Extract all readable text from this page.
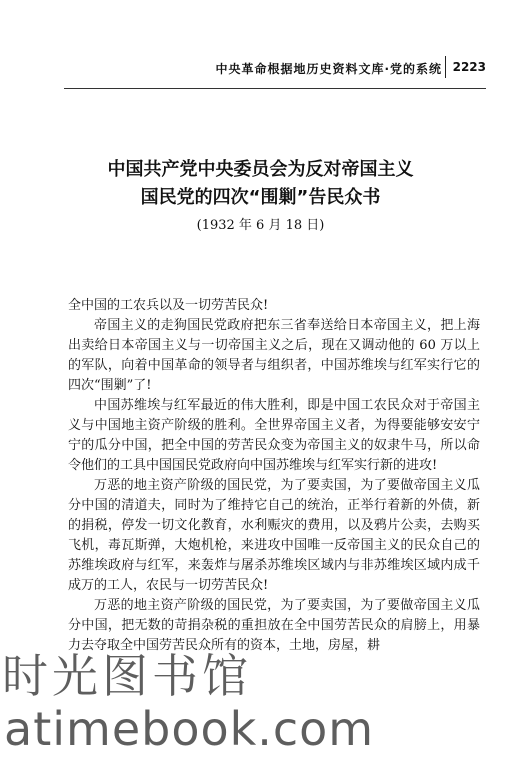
中央革命根据地历史资料文库·党的系统 2223
中国共产党中央委员会为反对帝国主义
国民党的四次“围剿”告民众书
(1932 年 6 月 18 日)

全中国的工农兵以及一切劳苦民众!

帝国主义的走狗国民党政府把东三省奉送给日本帝国主义，把上海出卖给日本帝国主义与一切帝国主义之后，现在又调动他的 60 万以上的军队，向着中国革命的领导者与组织者，中国苏维埃与红军实行它的四次“围剿”了!

中国苏维埃与红军最近的伟大胜利，即是中国工农民众对于帝国主义与中国地主资产阶级的胜利。全世界帝国主义者，为得要能够安安宁宁的瓜分中国，把全中国的劳苦民众变为帝国主义的奴隶牛马，所以命令他们的工具中国国民党政府向中国苏维埃与红军实行新的进攻!

万恶的地主资产阶级的国民党，为了要卖国，为了要做帝国主义瓜分中国的清道夫，同时为了维持它自己的统治，正举行着新的外债，新的捐税，停发一切文化教育，水利赈灾的费用，以及鸦片公卖，去购买飞机，毒瓦斯弹，大炮机枪，来进攻中国唯一反帝国主义的民众自己的苏维埃政府与红军，来轰炸与屠杀苏维埃区域内与非苏维埃区域内成千成万的工人，农民与一切劳苦民众!

万恶的地主资产阶级的国民党，为了要卖国，为了要做帝国主义瓜分中国，把无数的苛捐杂税的重担放在全中国劳苦民众的肩膀上，用暴力去夺取全中国劳苦民众所有的资本，土地，房屋，耕

时光图书馆
atimebook.com
